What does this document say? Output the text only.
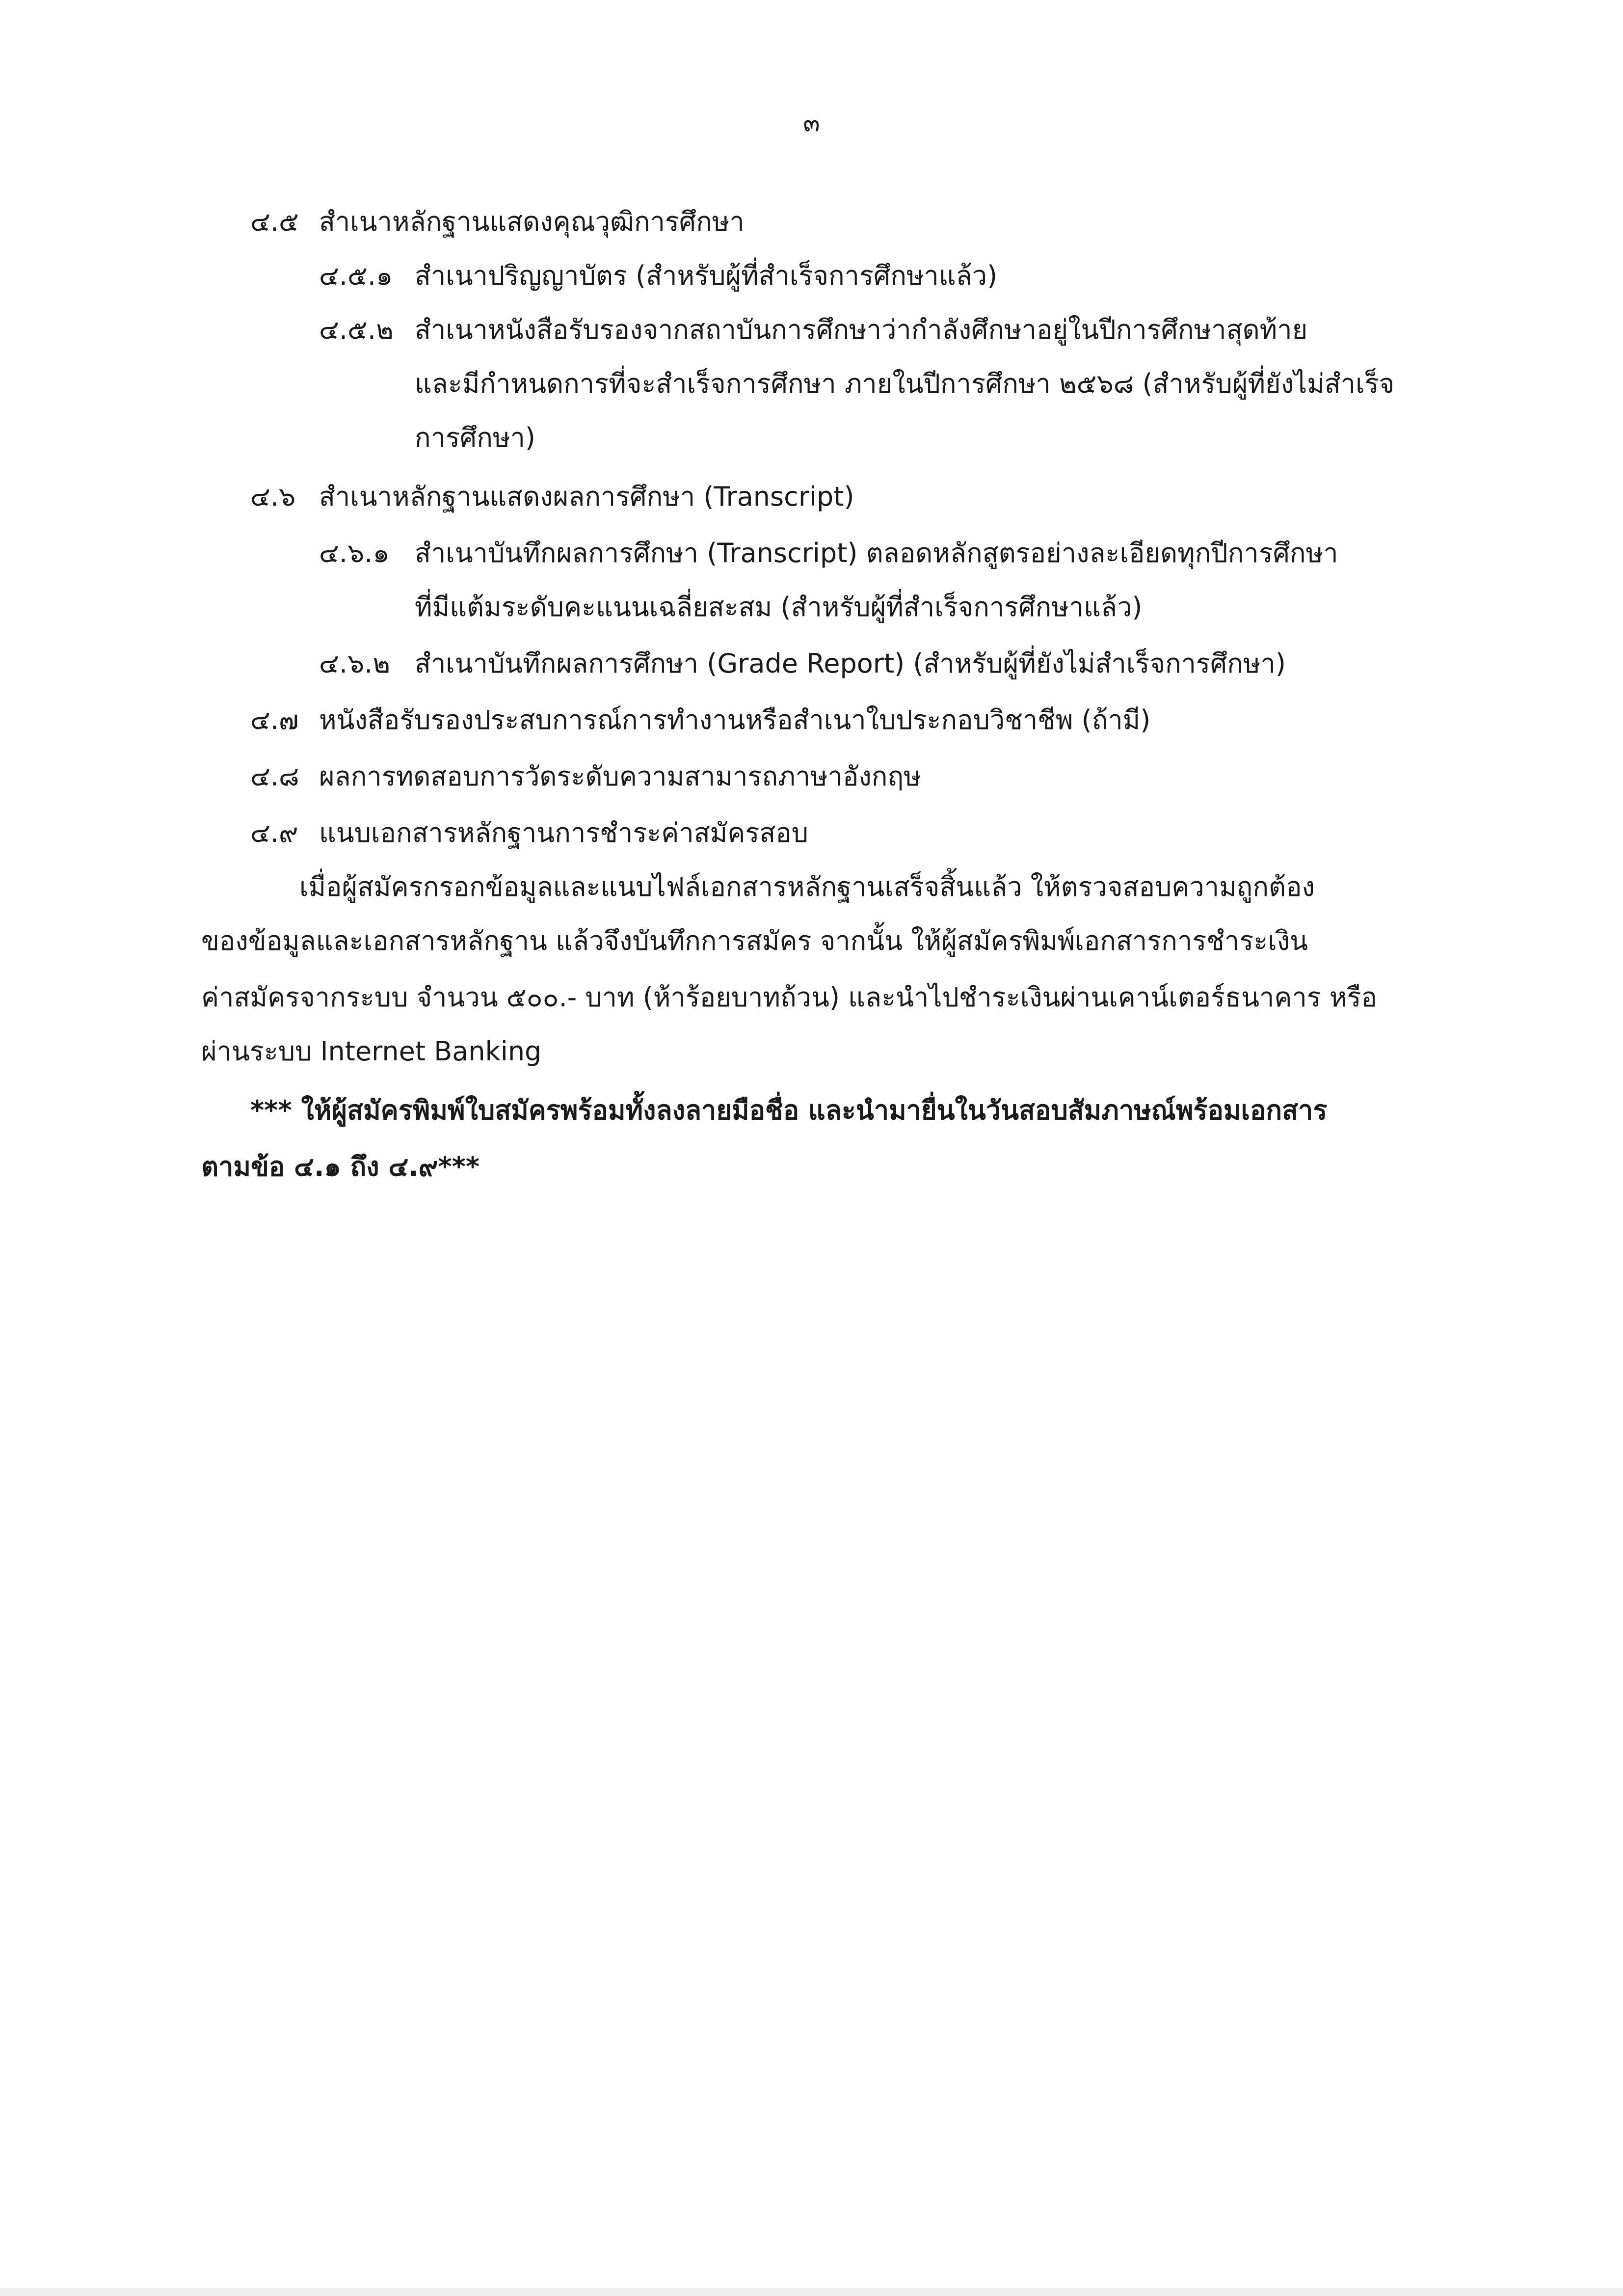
๓
๔.๕ สำเนาหลักฐานแสดงคุณวุฒิการศึกษา
๔.๕.๑ สำเนาปริญญาบัตร (สำหรับผู้ที่สำเร็จการศึกษาแล้ว)
๔.๕.๒ สำเนาหนังสือรับรองจากสถาบันการศึกษาว่ากำลังศึกษาอยู่ในปีการศึกษาสุดท้าย
และมีกำหนดการที่จะสำเร็จการศึกษา ภายในปีการศึกษา ๒๕๖๘ (สำหรับผู้ที่ยังไม่สำเร็จ
การศึกษา)
๔.๖ สำเนาหลักฐานแสดงผลการศึกษา (Transcript)
๔.๖.๑ สำเนาบันทึกผลการศึกษา (Transcript) ตลอดหลักสูตรอย่างละเอียดทุกปีการศึกษา
ที่มีแต้มระดับคะแนนเฉลี่ยสะสม (สำหรับผู้ที่สำเร็จการศึกษาแล้ว)
๔.๖.๒ สำเนาบันทึกผลการศึกษา (Grade Report) (สำหรับผู้ที่ยังไม่สำเร็จการศึกษา)
๔.๗ หนังสือรับรองประสบการณ์การทำงานหรือสำเนาใบประกอบวิชาชีพ (ถ้ามี)
๔.๘ ผลการทดสอบการวัดระดับความสามารถภาษาอังกฤษ
๔.๙ แนบเอกสารหลักฐานการชำระค่าสมัครสอบ
เมื่อผู้สมัครกรอกข้อมูลและแนบไฟล์เอกสารหลักฐานเสร็จสิ้นแล้ว ให้ตรวจสอบความถูกต้อง
ของข้อมูลและเอกสารหลักฐาน แล้วจึงบันทึกการสมัคร จากนั้น ให้ผู้สมัครพิมพ์เอกสารการชำระเงิน
ค่าสมัครจากระบบ จำนวน ๕๐๐.- บาท (ห้าร้อยบาทถ้วน) และนำไปชำระเงินผ่านเคาน์เตอร์ธนาคาร หรือ
ผ่านระบบ Internet Banking
*** ให้ผู้สมัครพิมพ์ใบสมัครพร้อมทั้งลงลายมือชื่อ และนำมายื่นในวันสอบสัมภาษณ์พร้อมเอกสาร
ตามข้อ ๔.๑ ถึง ๔.๙***
